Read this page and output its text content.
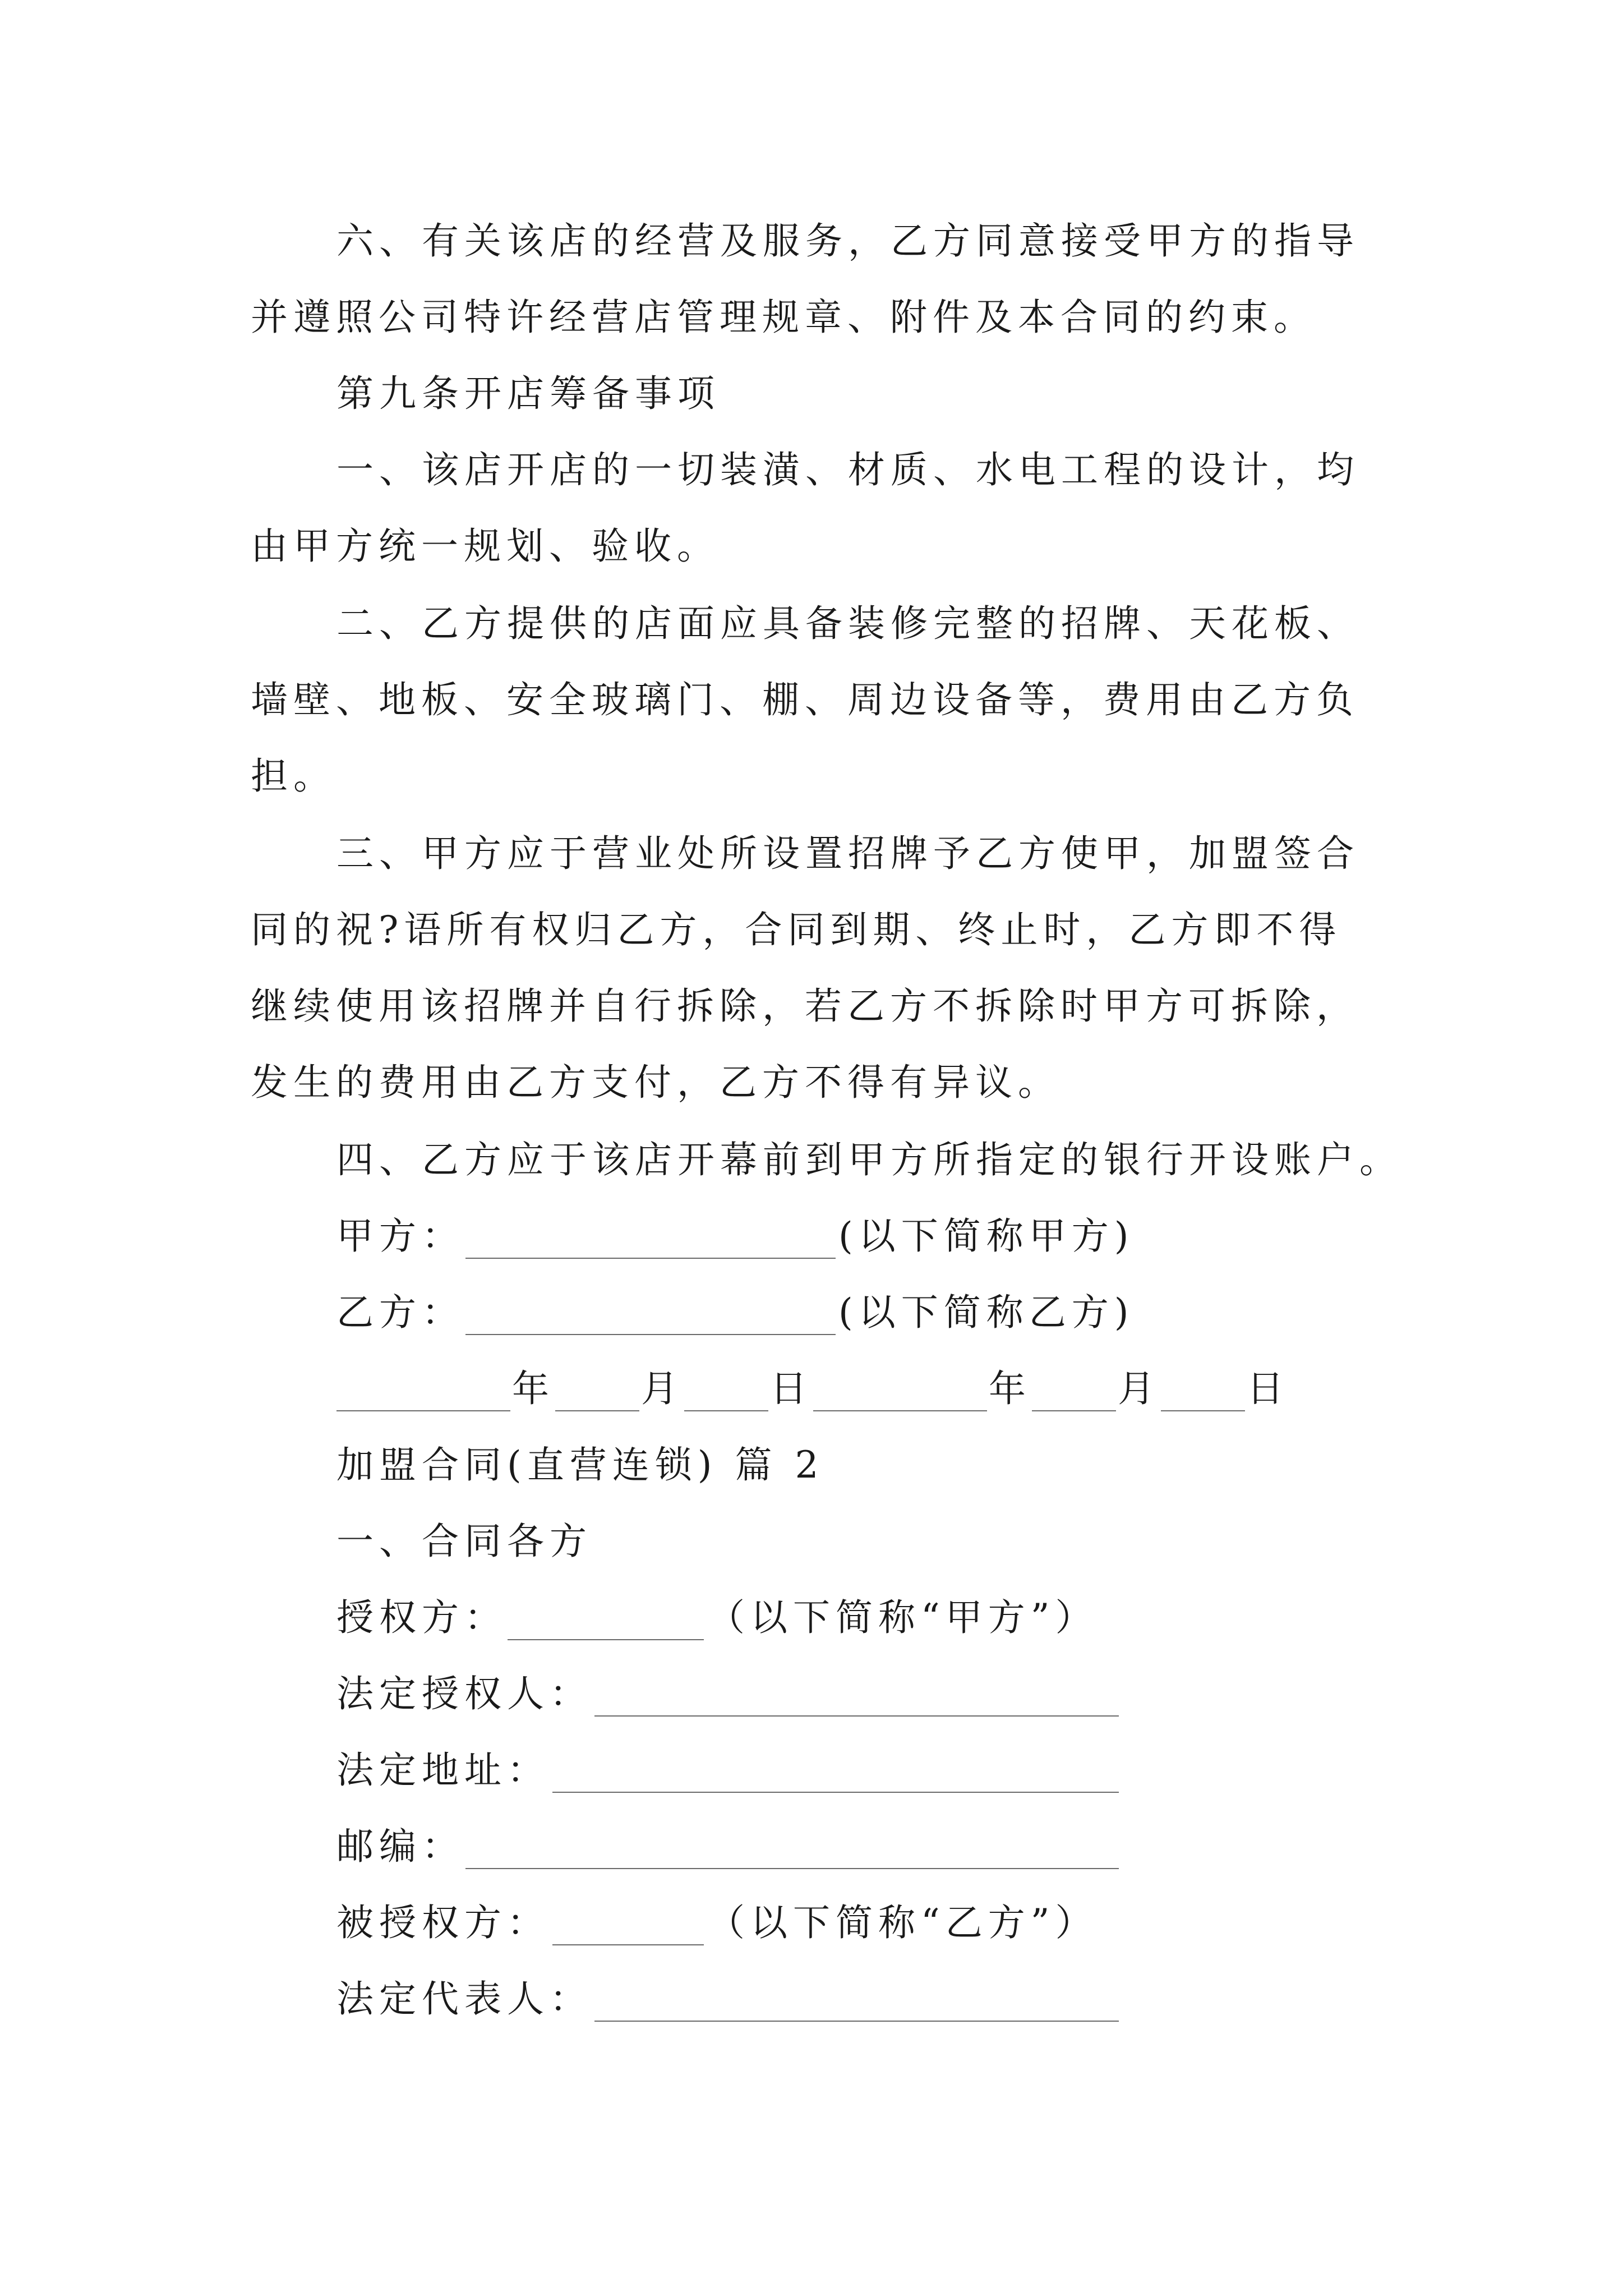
六、有关该店的经营及服务，乙方同意接受甲方的指导
并遵照公司特许经营店管理规章、附件及本合同的约束。
第九条开店筹备事项
一、该店开店的一切装潢、材质、水电工程的设计，均
由甲方统一规划、验收。
二、乙方提供的店面应具备装修完整的招牌、天花板、
墙壁、地板、安全玻璃门、棚、周边设备等，费用由乙方负
担。
三、甲方应于营业处所设置招牌予乙方使甲，加盟签合
同的祝?语所有权归乙方，合同到期、终止时，乙方即不得
继续使用该招牌并自行拆除，若乙方不拆除时甲方可拆除，
发生的费用由乙方支付，乙方不得有异议。
四、乙方应于该店开幕前到甲方所指定的银行开设账户。
甲方：	(以下简称甲方)
乙方：	(以下简称乙方)
年 月 日	年 月 日
加盟合同(直营连锁) 篇 2
一、合同各方
授权方：	（以下简称“甲方”）
法定授权人：
法定地址：
邮编：
被授权方：	（以下简称“乙方”）
法定代表人：
